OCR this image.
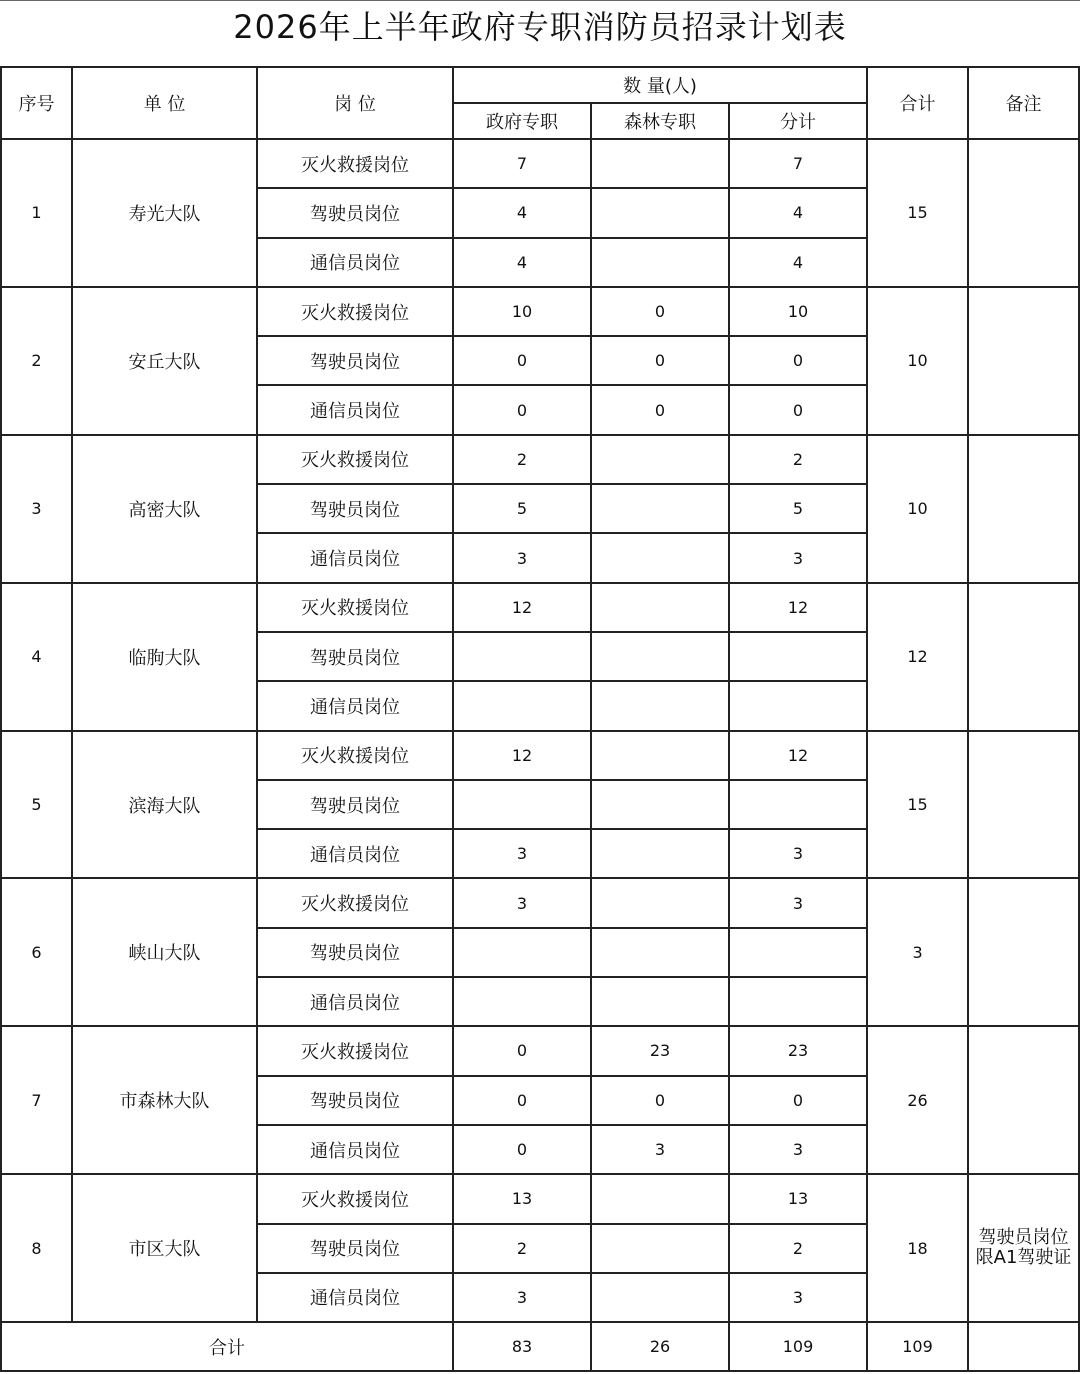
2026年上半年政府专职消防员招录计划表
序号	单 位	岗 位	数 量(人)			合计	备注
			政府专职	森林专职	分计		
1	寿光大队	灭火救援岗位	7		7	15	
		驾驶员岗位	4		4		
		通信员岗位	4		4		
2	安丘大队	灭火救援岗位	10	0	10	10	
		驾驶员岗位	0	0	0		
		通信员岗位	0	0	0		
3	高密大队	灭火救援岗位	2		2	10	
		驾驶员岗位	5		5		
		通信员岗位	3		3		
4	临朐大队	灭火救援岗位	12		12	12	
		驾驶员岗位					
		通信员岗位					
5	滨海大队	灭火救援岗位	12		12	15	
		驾驶员岗位					
		通信员岗位	3		3		
6	峡山大队	灭火救援岗位	3		3	3	
		驾驶员岗位					
		通信员岗位					
7	市森林大队	灭火救援岗位	0	23	23	26	
		驾驶员岗位	0	0	0		
		通信员岗位	0	3	3		
8	市区大队	灭火救援岗位	13		13	18	驾驶员岗位限A1驾驶证
		驾驶员岗位	2		2		
		通信员岗位	3		3		
合计			83	26	109	109	
